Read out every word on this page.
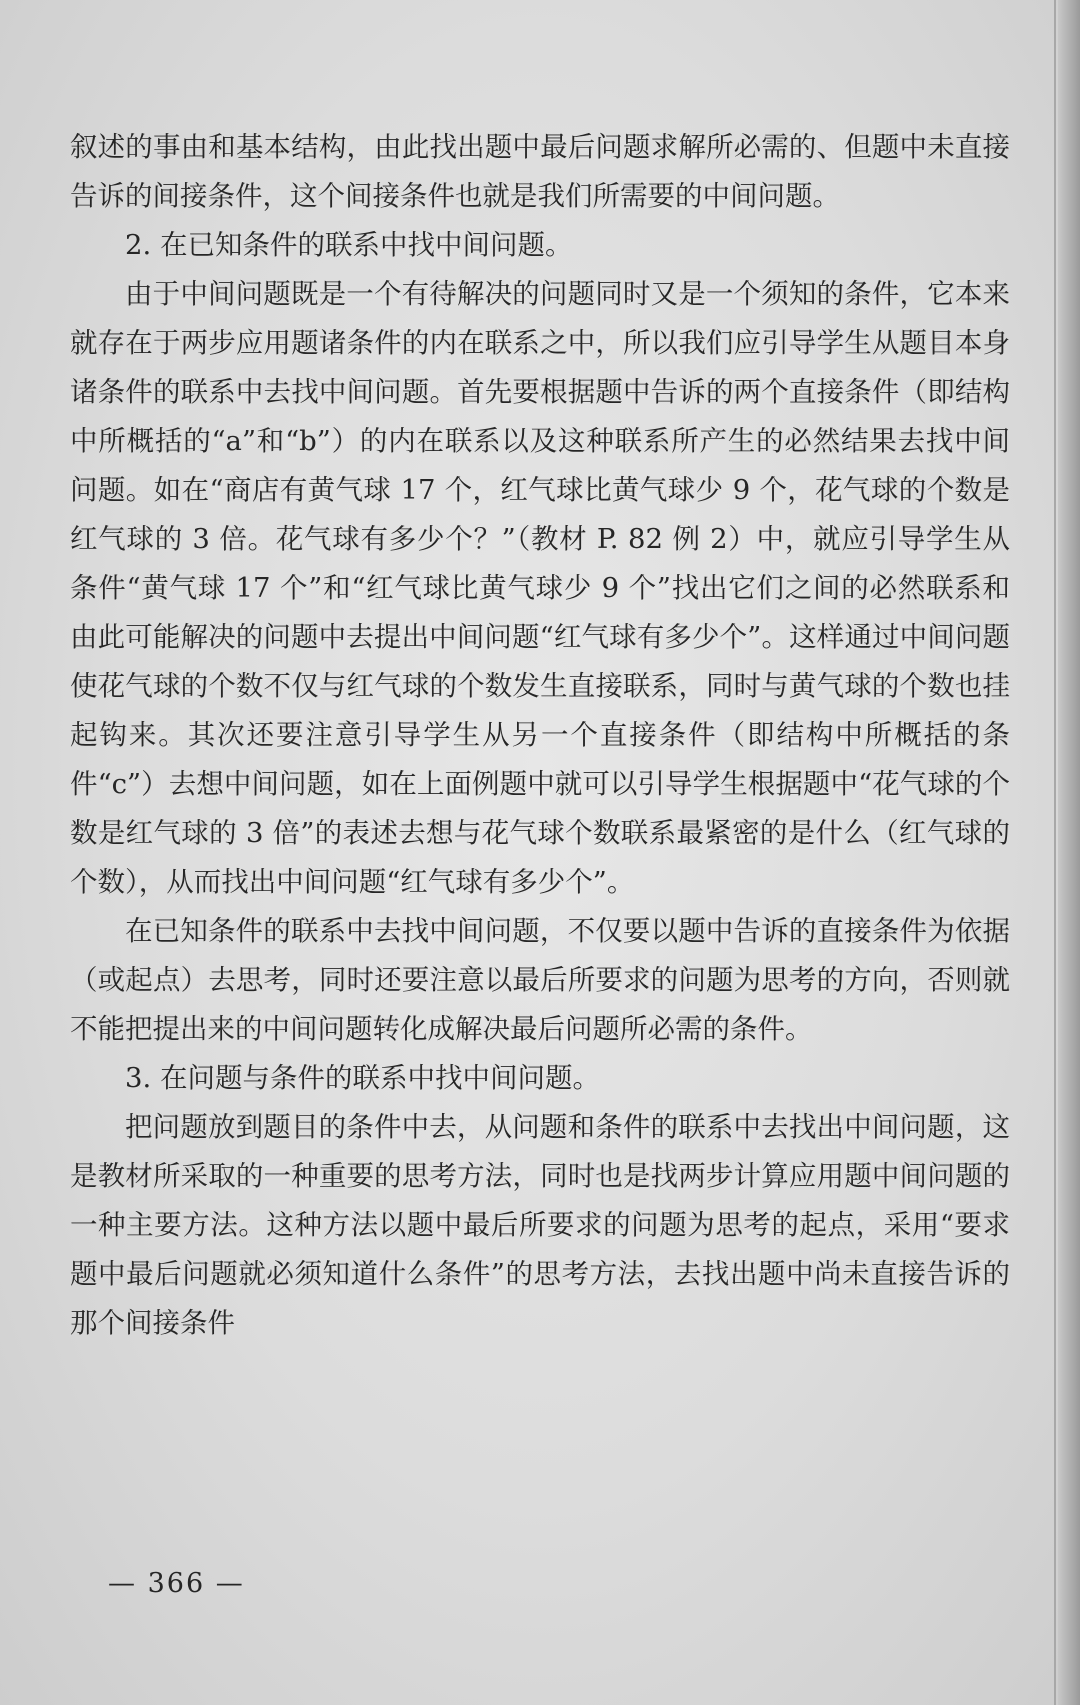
叙述的事由和基本结构，由此找出题中最后问题求解所必需的、但题中未直接告诉的间接条件，这个间接条件也就是我们所需要的中间问题。

2. 在已知条件的联系中找中间问题。

由于中间问题既是一个有待解决的问题同时又是一个须知的条件，它本来就存在于两步应用题诸条件的内在联系之中，所以我们应引导学生从题目本身诸条件的联系中去找中间问题。首先要根据题中告诉的两个直接条件（即结构中所概括的“a”和“b”）的内在联系以及这种联系所产生的必然结果去找中间问题。如在“商店有黄气球 17 个，红气球比黄气球少 9 个，花气球的个数是红气球的 3 倍。花气球有多少个？”（教材 P. 82 例 2）中，就应引导学生从条件“黄气球 17 个”和“红气球比黄气球少 9 个”找出它们之间的必然联系和由此可能解决的问题中去提出中间问题“红气球有多少个”。这样通过中间问题使花气球的个数不仅与红气球的个数发生直接联系，同时与黄气球的个数也挂起钩来。其次还要注意引导学生从另一个直接条件（即结构中所概括的条件“c”）去想中间问题，如在上面例题中就可以引导学生根据题中“花气球的个数是红气球的 3 倍”的表述去想与花气球个数联系最紧密的是什么（红气球的个数），从而找出中间问题“红气球有多少个”。

在已知条件的联系中去找中间问题，不仅要以题中告诉的直接条件为依据（或起点）去思考，同时还要注意以最后所要求的问题为思考的方向，否则就不能把提出来的中间问题转化成解决最后问题所必需的条件。

3. 在问题与条件的联系中找中间问题。

把问题放到题目的条件中去，从问题和条件的联系中去找出中间问题，这是教材所采取的一种重要的思考方法，同时也是找两步计算应用题中间问题的一种主要方法。这种方法以题中最后所要求的问题为思考的起点，采用“要求题中最后问题就必须知道什么条件”的思考方法，去找出题中尚未直接告诉的那个间接条件

— 366 —
